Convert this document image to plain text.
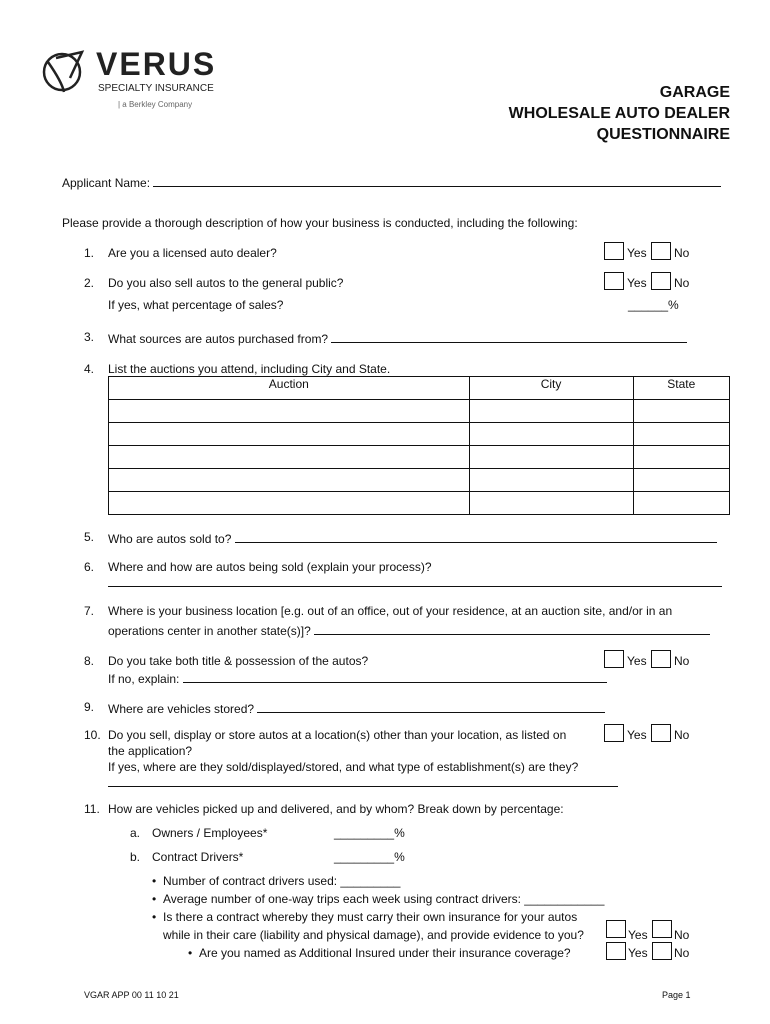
VERUS
SPECIALTY INSURANCE
| a Berkley Company
GARAGE
WHOLESALE AUTO DEALER
QUESTIONNAIRE
Applicant Name:
Please provide a thorough description of how your business is conducted, including the following:
1. Are you a licensed auto dealer?	Yes No
2. Do you also sell autos to the general public?	Yes No
If yes, what percentage of sales?	______%
3. What sources are autos purchased from?
4. List the auctions you attend, including City and State.
Auction	City	State

5. Who are autos sold to?
6. Where and how are autos being sold (explain your process)?
7. Where is your business location [e.g. out of an office, out of your residence, at an auction site, and/or in an
operations center in another state(s)]?
8. Do you take both title & possession of the autos?	Yes No
If no, explain:
9. Where are vehicles stored?
10. Do you sell, display or store autos at a location(s) other than your location, as listed on
the application?
Yes No
If yes, where are they sold/displayed/stored, and what type of establishment(s) are they?
11. How are vehicles picked up and delivered, and by whom? Break down by percentage:
a. Owners / Employees*	_________%
b. Contract Drivers*	_________%
• Number of contract drivers used: _________
• Average number of one-way trips each week using contract drivers: ____________
• Is there a contract whereby they must carry their own insurance for your autos
while in their care (liability and physical damage), and provide evidence to you?	Yes No
• Are you named as Additional Insured under their insurance coverage?	Yes No
VGAR APP 00 11 10 21	Page 1
